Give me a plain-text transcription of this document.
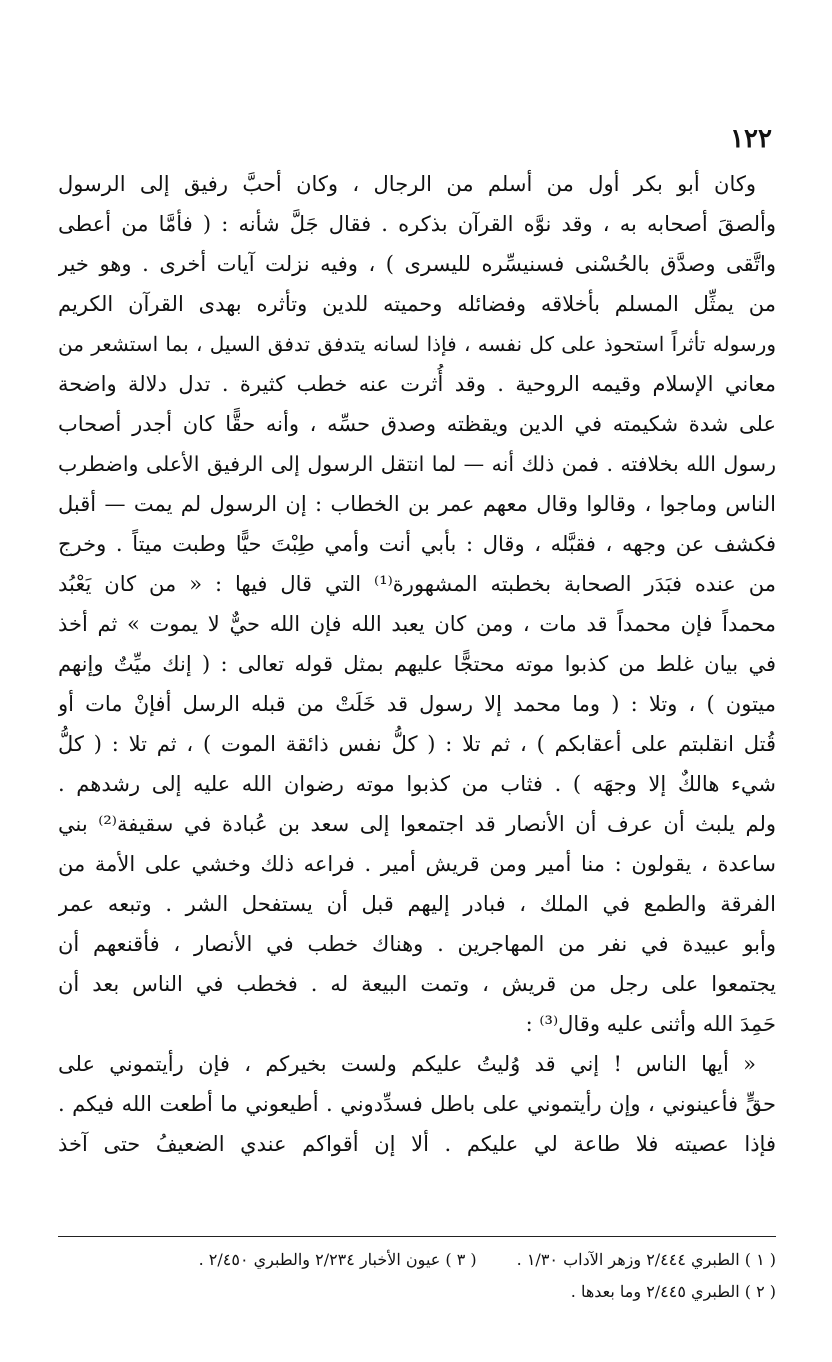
١٢٢
وكان أبو بكر أول من أسلم من الرجال ، وكان أحبَّ رفيق إلى الرسول
وألصقَ أصحابه به ، وقد نوَّه القرآن بذكره . فقال جَلَّ شأنه : ( فأمَّا من أعطى
واتَّقى وصدَّق بالحُسْنى فسنيسِّره لليسرى ) ، وفيه نزلت آيات أخرى . وهو خير
من يمثِّل المسلم بأخلاقه وفضائله وحميته للدين وتأثره بهدى القرآن الكريم
ورسوله تأثراً استحوذ على كل نفسه ، فإذا لسانه يتدفق تدفق السيل ، بما استشعر من
معاني الإسلام وقيمه الروحية . وقد أُثرت عنه خطب كثيرة . تدل دلالة واضحة
على شدة شكيمته في الدين ويقظته وصدق حسِّه ، وأنه حقًّا كان أجدر أصحاب
رسول الله بخلافته . فمن ذلك أنه — لما انتقل الرسول إلى الرفيق الأعلى واضطرب
الناس وماجوا ، وقالوا وقال معهم عمر بن الخطاب : إن الرسول لم يمت — أقبل
فكشف عن وجهه ، فقبَّله ، وقال : بأبي أنت وأمي طِبْتَ حيًّا وطبت ميتاً . وخرج
من عنده فبَدَر الصحابة بخطبته المشهورة⁽¹⁾ التي قال فيها : « من كان يَعْبُد
محمداً فإن محمداً قد مات ، ومن كان يعبد الله فإن الله حيٌّ لا يموت » ثم أخذ
في بيان غلط من كذبوا موته محتجًّا عليهم بمثل قوله تعالى : ( إنك ميِّتٌ وإنهم
ميتون ) ، وتلا : ( وما محمد إلا رسول قد خَلَتْ من قبله الرسل أفإنْ مات أو
قُتل انقلبتم على أعقابكم ) ، ثم تلا : ( كلُّ نفس ذائقة الموت ) ، ثم تلا : ( كلُّ
شيء هالكٌ إلا وجهَه ) . فثاب من كذبوا موته رضوان الله عليه إلى رشدهم .
ولم يلبث أن عرف أن الأنصار قد اجتمعوا إلى سعد بن عُبادة في سقيفة⁽²⁾ بني
ساعدة ، يقولون : منا أمير ومن قريش أمير . فراعه ذلك وخشي على الأمة من
الفرقة والطمع في الملك ، فبادر إليهم قبل أن يستفحل الشر . وتبعه عمر
وأبو عبيدة في نفر من المهاجرين . وهناك خطب في الأنصار ، فأقنعهم أن
يجتمعوا على رجل من قريش ، وتمت البيعة له . فخطب في الناس بعد أن
حَمِدَ الله وأثنى عليه وقال⁽³⁾ :
« أيها الناس ! إني قد وُليتُ عليكم ولست بخيركم ، فإن رأيتموني على
حقٍّ فأعينوني ، وإن رأيتموني على باطل فسدِّدوني . أطيعوني ما أطعت الله فيكم .
فإذا عصيته فلا طاعة لي عليكم . ألا إن أقواكم عندي الضعيفُ حتى آخذ
( ١ ) الطبري ٢/٤٤٤ وزهر الآداب ١/٣٠ .
( ٣ ) عيون الأخبار ٢/٢٣٤ والطبري ٢/٤٥٠ .
( ٢ ) الطبري ٢/٤٤٥ وما بعدها .
